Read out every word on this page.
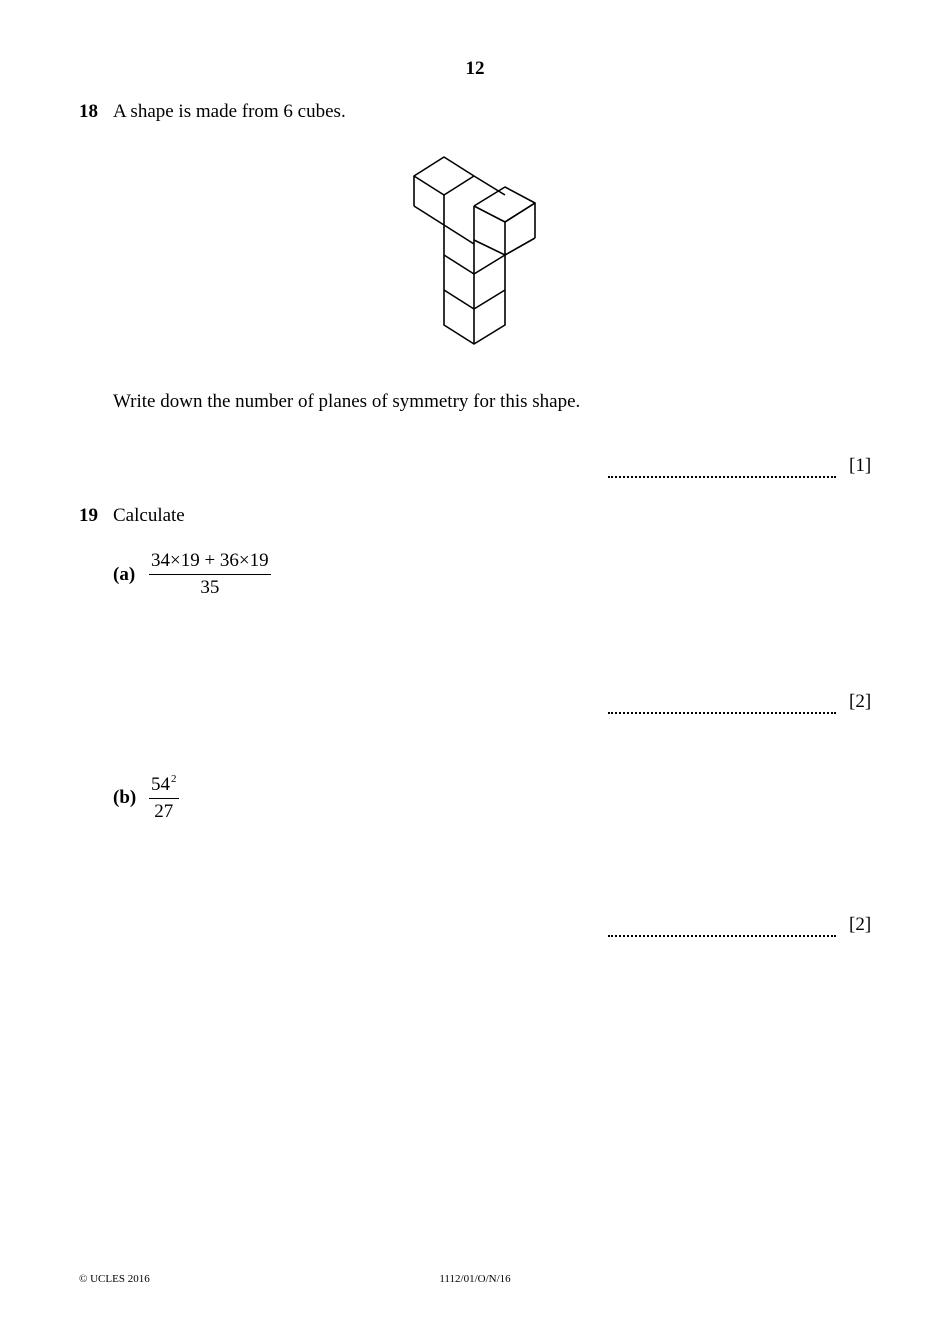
12
18 A shape is made from 6 cubes.
Write down the number of planes of symmetry for this shape.
[1]
19 Calculate
$(a) \frac{34\times 19 + 36\times 19}{35}$
[2]
$(b) \frac{54^2}{27}$
[2]
© UCLES 2016	1112/01/O/N/16
